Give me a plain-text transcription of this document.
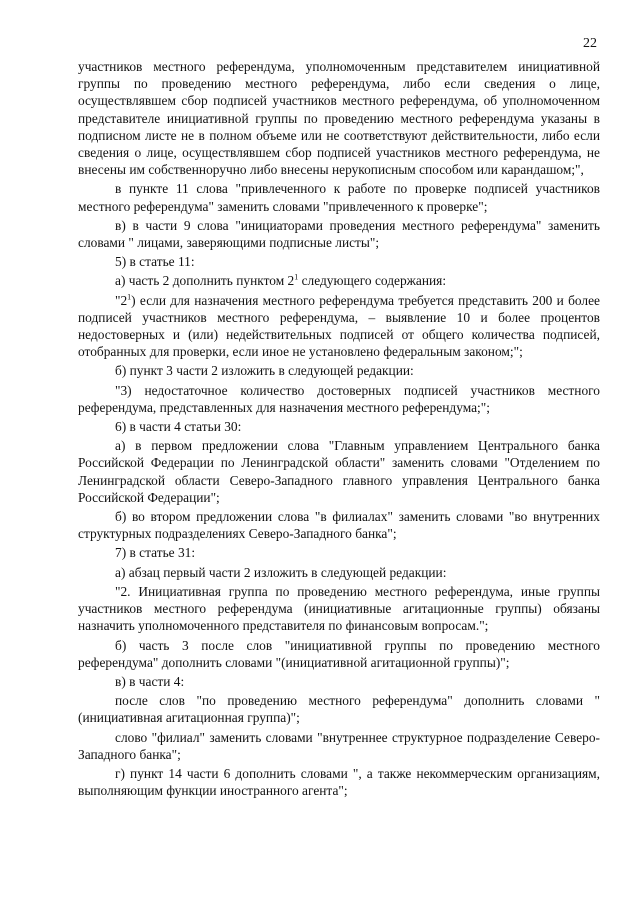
22

участников местного референдума, уполномоченным представителем инициативной группы по проведению местного референдума, либо если сведения о лице, осуществлявшем сбор подписей участников местного референдума, об уполномоченном представителе инициативной группы по проведению местного референдума указаны в подписном листе не в полном объеме или не соответствуют действительности, либо если сведения о лице, осуществлявшем сбор подписей участников местного референдума, не внесены им собственноручно либо внесены нерукописным способом или карандашом;",

в пункте 11 слова "привлеченного к работе по проверке подписей участников местного референдума" заменить словами "привлеченного к проверке";

в) в части 9 слова "инициаторами проведения местного референдума" заменить словами " лицами, заверяющими подписные листы";

5) в статье 11:

а) часть 2 дополнить пунктом $2^1$ следующего содержания:

"$2^1$) если для назначения местного референдума требуется представить 200 и более подписей участников местного референдума, – выявление 10 и более процентов недостоверных и (или) недействительных подписей от общего количества подписей, отобранных для проверки, если иное не установлено федеральным законом;";

б) пункт 3 части 2 изложить в следующей редакции:

"3) недостаточное количество достоверных подписей участников местного референдума, представленных для назначения местного референдума;";

6) в части 4 статьи 30:

а) в первом предложении слова "Главным управлением Центрального банка Российской Федерации по Ленинградской области" заменить словами "Отделением по Ленинградской области Северо-Западного главного управления Центрального банка Российской Федерации";

б) во втором предложении слова "в филиалах" заменить словами "во внутренних структурных подразделениях Северо-Западного банка";

7) в статье 31:

а) абзац первый части 2 изложить в следующей редакции:

"2. Инициативная группа по проведению местного референдума, иные группы участников местного референдума (инициативные агитационные группы) обязаны назначить уполномоченного представителя по финансовым вопросам.";

б) часть 3 после слов "инициативной группы по проведению местного референдума" дополнить словами "(инициативной агитационной группы)";

в) в части 4:

после слов "по проведению местного референдума" дополнить словами "(инициативная агитационная группа)";

слово "филиал" заменить словами "внутреннее структурное подразделение Северо-Западного банка";

г) пункт 14 части 6 дополнить словами ", а также некоммерческим организациям, выполняющим функции иностранного агента";
